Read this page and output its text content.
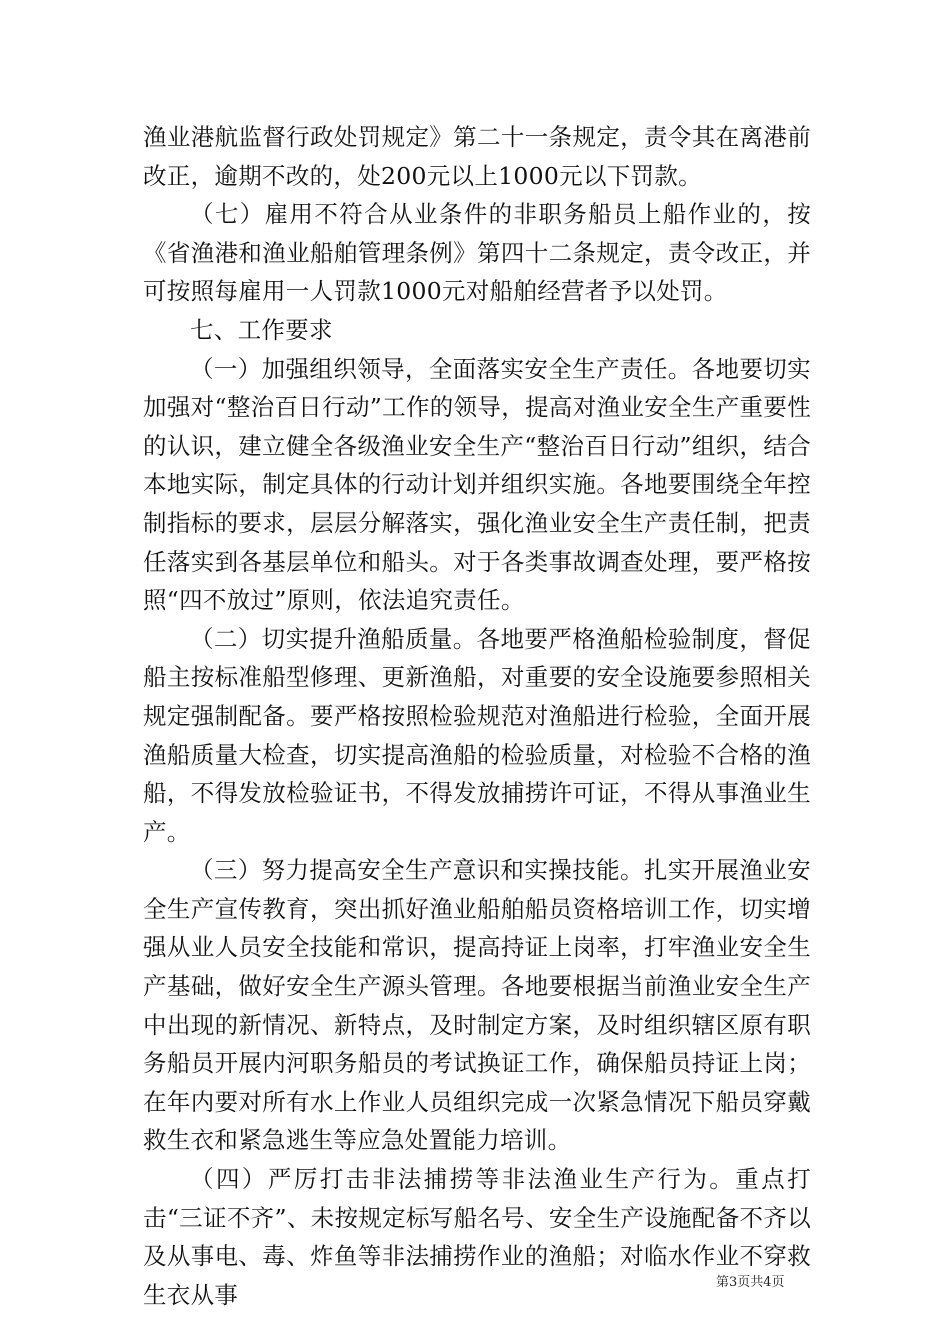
渔业港航监督行政处罚规定》第二十一条规定，责令其在离港前改正，逾期不改的，处200元以上1000元以下罚款。

（七）雇用不符合从业条件的非职务船员上船作业的，按《省渔港和渔业船舶管理条例》第四十二条规定，责令改正，并可按照每雇用一人罚款1000元对船舶经营者予以处罚。

七、工作要求

（一）加强组织领导，全面落实安全生产责任。各地要切实加强对“整治百日行动”工作的领导，提高对渔业安全生产重要性的认识，建立健全各级渔业安全生产“整治百日行动”组织，结合本地实际，制定具体的行动计划并组织实施。各地要围绕全年控制指标的要求，层层分解落实，强化渔业安全生产责任制，把责任落实到各基层单位和船头。对于各类事故调查处理，要严格按照“四不放过”原则，依法追究责任。

（二）切实提升渔船质量。各地要严格渔船检验制度，督促船主按标准船型修理、更新渔船，对重要的安全设施要参照相关规定强制配备。要严格按照检验规范对渔船进行检验，全面开展渔船质量大检查，切实提高渔船的检验质量，对检验不合格的渔船，不得发放检验证书，不得发放捕捞许可证，不得从事渔业生产。

（三）努力提高安全生产意识和实操技能。扎实开展渔业安全生产宣传教育，突出抓好渔业船舶船员资格培训工作，切实增强从业人员安全技能和常识，提高持证上岗率，打牢渔业安全生产基础，做好安全生产源头管理。各地要根据当前渔业安全生产中出现的新情况、新特点，及时制定方案，及时组织辖区原有职务船员开展内河职务船员的考试换证工作，确保船员持证上岗；在年内要对所有水上作业人员组织完成一次紧急情况下船员穿戴救生衣和紧急逃生等应急处置能力培训。

（四）严厉打击非法捕捞等非法渔业生产行为。重点打击“三证不齐”、未按规定标写船名号、安全生产设施配备不齐以及从事电、毒、炸鱼等非法捕捞作业的渔船；对临水作业不穿救生衣从事	第3页共4页
